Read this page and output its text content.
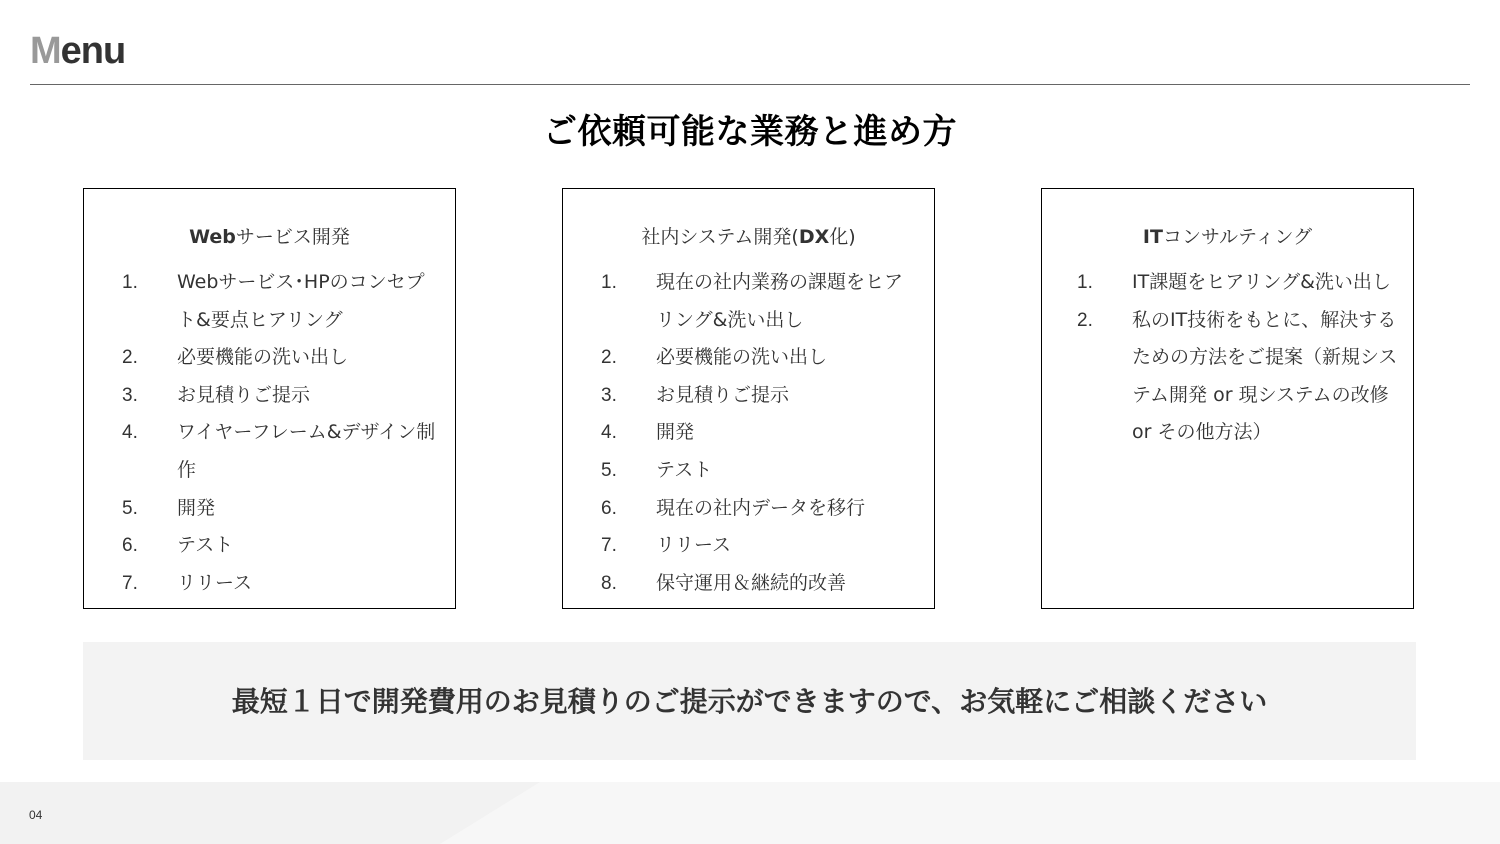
Menu
ご依頼可能な業務と進め方
Webサービス開発
1. Webサービス･HPのコンセプト&要点ヒアリング
2. 必要機能の洗い出し
3. お見積りご提示
4. ワイヤーフレーム&デザイン制作
5. 開発
6. テスト
7. リリース
社内システム開発(DX化)
1. 現在の社内業務の課題をヒアリング&洗い出し
2. 必要機能の洗い出し
3. お見積りご提示
4. 開発
5. テスト
6. 現在の社内データを移行
7. リリース
8. 保守運用＆継続的改善
ITコンサルティング
1. IT課題をヒアリング&洗い出し
2. 私のIT技術をもとに、解決するための方法をご提案（新規システム開発 or 現システムの改修or その他方法）
最短１日で開発費用のお見積りのご提示ができますので、お気軽にご相談ください
04
